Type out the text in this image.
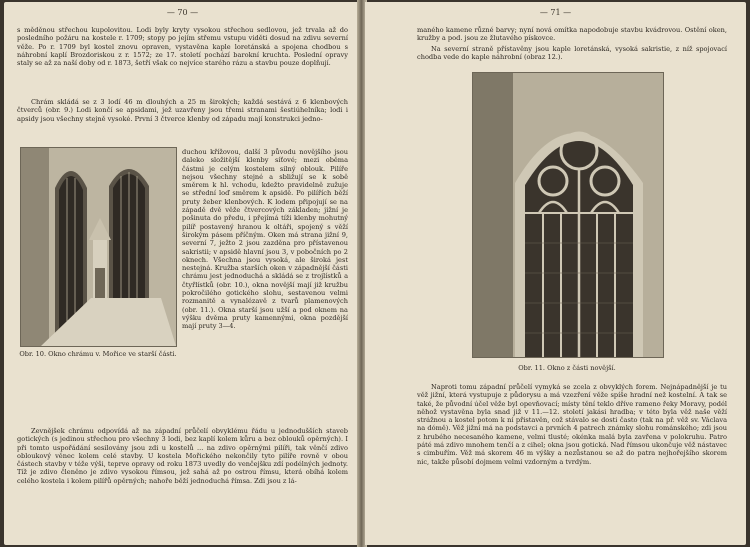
— 70 —

s měděnou střechou kupolovitou. Lodi byly kryty vysokou střechou sedlovou, jež trvala až do posledního požáru na kostele r. 1709; stopy po jejím střemu vstupu viděti dosud na zdivu severní věže. Po r. 1709 byl kostel znovu opraven, vystavěna kaple loretánská a spojena chodbou s náhrobní kaplí Brozdoriskou z r. 1572; ze 17. století pochází barokní kruchta. Poslední opravy staly se až za naší doby od r. 1873, šetří však co nejvíce starého rázu a stavbu pouze doplňují.

Chrám skládá se z 3 lodí 46 m dlouhých a 25 m širokých; každá sestává z 6 klenbových čtverců (obr. 9.) Lodi končí se apsidami, jež uzavřeny jsou třemi stranami šestiúhelníka; lodi i apsidy jsou všechny stejně vysoké. První 3 čtverce klenby od západu mají konstrukci jedno-

Obr. 10. Okno chrámu v. Mořice ve starší části.

duchou křížovou, další 3 původu novějšího jsou daleko složitější klenby síťové; mezi oběma částmi je celým kostelem silný oblouk. Pilíře nejsou všechny stejné a sbližují se k sobě směrem k hl. vchodu, kdežto pravidelně zužuje se střední loď směrem k apsidě. Po pilířích běží pruty žeber klenbových. K lodem připojují se na západě dvě věže čtvercových základen; jižní je pošinuta do předu, i přejímá tíži klenby mohutný pilíř postavený hranou k oltáři, spojený s věží širokým pásem příčným. Oken má strana jižní 9, severní 7, ježto 2 jsou zazděna pro přístavenou sakristii; v apsidě hlavní jsou 3, v pobočních po 2 oknech. Všechna jsou vysoká, ale široká jest nestejná. Kružba starších oken v západnější části chrámu jest jednoduchá a skládá se z trojlístků a čtyřlístků (obr. 10.), okna novější mají již kružbu pokročilého gotického slohu, sestavenou velmi rozmanitě a vynalézavě z tvarů plamenových (obr. 11.). Okna starší jsou užší a pod oknem na výšku dvěma pruty kamennými, okna pozdější mají pruty 3—4.

Zevnějšek chrámu odpovídá až na západní průčelí obvyklému řádu u jednodušších staveb gotických (s jedinou střechou pro všechny 3 lodi, bez kaplí kolem kůru a bez oblouků opěrných). I při tomto uspořádání sesilovány jsou zdi u kostelů ... na zdivo opěrnými pilíři, tak věnčí zdivo obloukový věnec kolem celé stavby. U kostela Mořického nekončily tyto pilíře rovně v obou částech stavby v téže výši, teprve opravy od roku 1873 uvedly do venčejšku zdí podélných jednoty. Tíž je zdivo členěno je zdivo vysokou římsou, jež sahá až po ostrou římsu, která obíhá kolem celého kostela i kolem pilířů opěrných; nahoře běží jednoduchá římsa. Zdi jsou z lá-

— 71 —

maného kamene různé barvy; nyní nová omítka napodobuje stavbu kvádrovou. Ostění oken, kružby a pod. jsou ze žlutavého pískovce.

Na severní straně přístavěny jsou kaple loretánská, vysoká sakristie, z níž spojovací chodba vede do kaple náhrobní (obraz 12.).

Obr. 11. Okno z části novější.

Naproti tomu západní průčelí vymyká se zcela z obvyklých forem. Nejnápadnější je tu věž jižní, která vystupuje z půdorysu a má vzezření věže spíše hradní než kostelní. A tak se také, že původní účel věže byl opevňovací; místy tění teklo dříve rameno řeky Moravy, podél něhož vystavěna byla snad již v 11.—12. století jakási hradba; v této byla věž naše věží strážnou a kostel potom k ní přistavěn, což stávalo se dosti často (tak na př. věž sv. Václava na dómě). Věž jižní má na podstavci a prvních 4 patrech známky slohu románského; zdi jsou z hrubého necesaného kamene, velmi tlusté; okénka malá byla zavřena v polokruhu. Patro páté má zdivo mnohem tenčí a z cihel; okna jsou gotická. Nad římsou ukončuje věž nástavec s cimbuřím. Věž má skorem 46 m výšky a nezůstanou se až do patra nejhořejšího skorem nic, takže působí dojmem velmi vzdorným a tvrdým.
